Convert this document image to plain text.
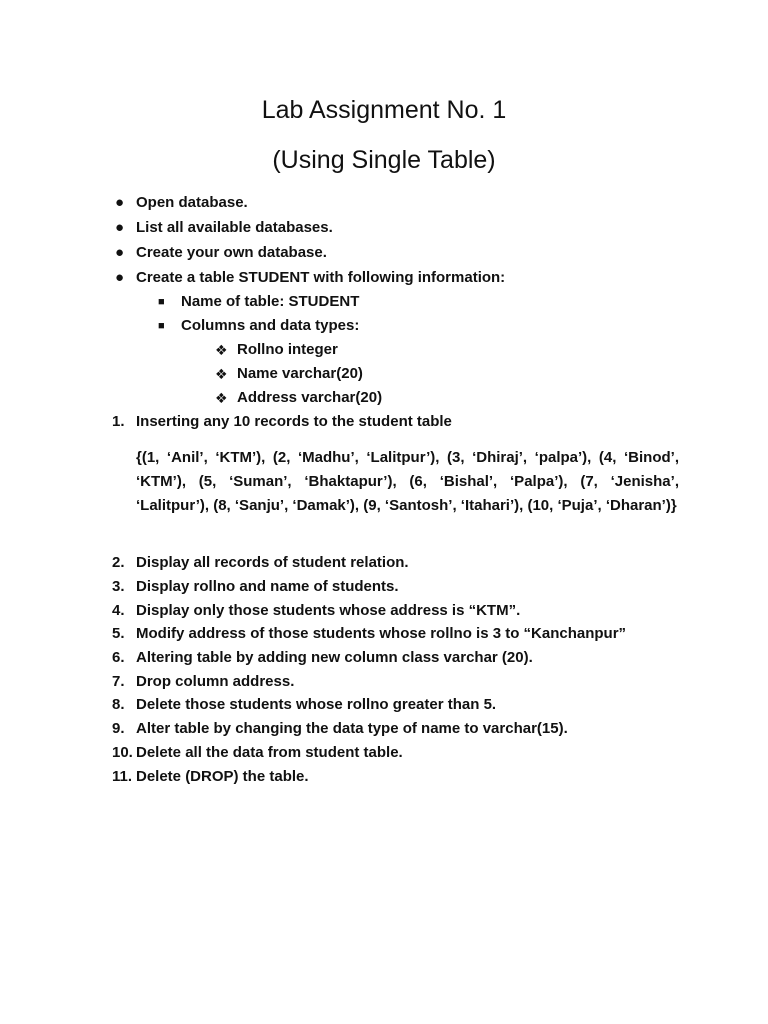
Lab Assignment No. 1
(Using Single Table)
● Open database.
● List all available databases.
● Create your own database.
● Create a table STUDENT with following information:
■ Name of table: STUDENT
■ Columns and data types:
❖ Rollno integer
❖ Name varchar(20)
❖ Address varchar(20)
1. Inserting any 10 records to the student table
{(1, ‘Anil’, ‘KTM’), (2, ‘Madhu’, ‘Lalitpur’), (3, ‘Dhiraj’, ‘palpa’), (4, ‘Binod’, ‘KTM’), (5, ‘Suman’, ‘Bhaktapur’), (6, ‘Bishal’, ‘Palpa’), (7, ‘Jenisha’, ‘Lalitpur’), (8, ‘Sanju’, ‘Damak’), (9, ‘Santosh’, ‘Itahari’), (10, ‘Puja’, ‘Dharan’)}
2. Display all records of student relation.
3. Display rollno and name of students.
4. Display only those students whose address is “KTM”.
5. Modify address of those students whose rollno is 3 to “Kanchanpur”
6. Altering table by adding new column class varchar (20).
7. Drop column address.
8. Delete those students whose rollno greater than 5.
9. Alter table by changing the data type of name to varchar(15).
10. Delete all the data from student table.
11. Delete (DROP) the table.
